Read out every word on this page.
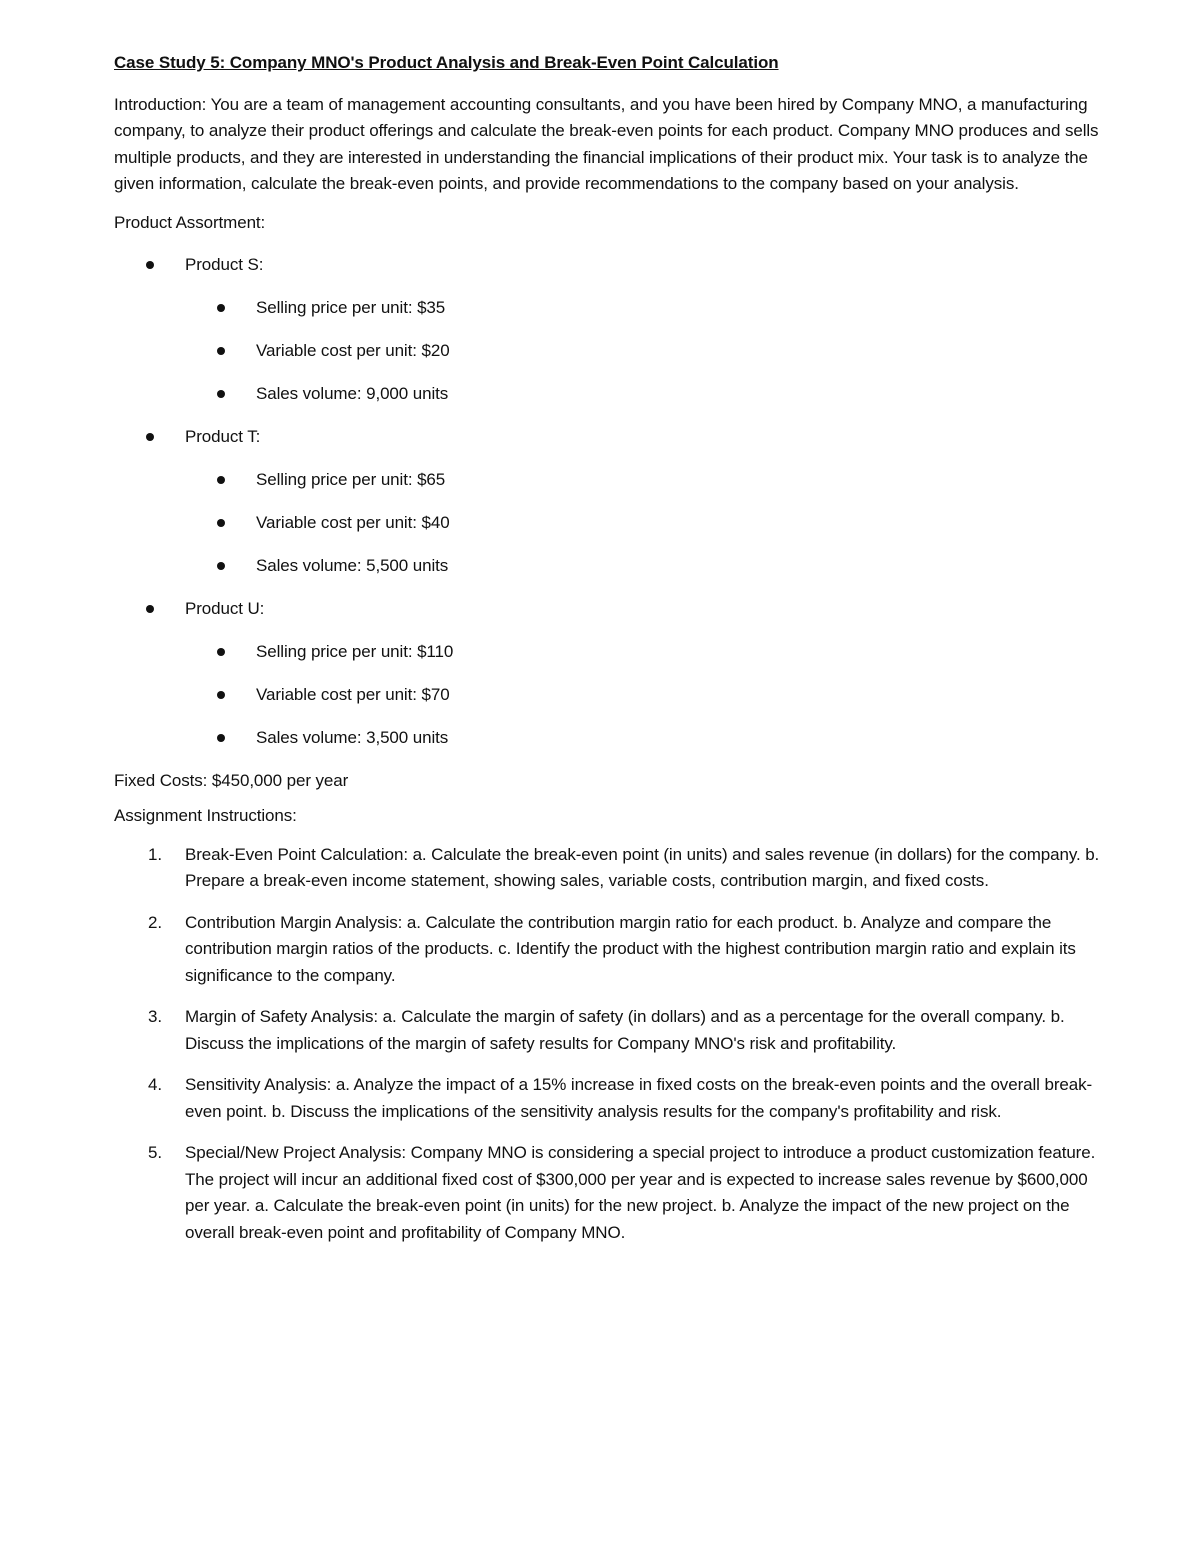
Case Study 5: Company MNO's Product Analysis and Break-Even Point Calculation
Introduction: You are a team of management accounting consultants, and you have been hired by Company MNO, a manufacturing company, to analyze their product offerings and calculate the break-even points for each product. Company MNO produces and sells multiple products, and they are interested in understanding the financial implications of their product mix. Your task is to analyze the given information, calculate the break-even points, and provide recommendations to the company based on your analysis.
Product Assortment:
Product S:
Selling price per unit: $35
Variable cost per unit: $20
Sales volume: 9,000 units
Product T:
Selling price per unit: $65
Variable cost per unit: $40
Sales volume: 5,500 units
Product U:
Selling price per unit: $110
Variable cost per unit: $70
Sales volume: 3,500 units
Fixed Costs: $450,000 per year
Assignment Instructions:
1. Break-Even Point Calculation: a. Calculate the break-even point (in units) and sales revenue (in dollars) for the company. b. Prepare a break-even income statement, showing sales, variable costs, contribution margin, and fixed costs.
2. Contribution Margin Analysis: a. Calculate the contribution margin ratio for each product. b. Analyze and compare the contribution margin ratios of the products. c. Identify the product with the highest contribution margin ratio and explain its significance to the company.
3. Margin of Safety Analysis: a. Calculate the margin of safety (in dollars) and as a percentage for the overall company. b. Discuss the implications of the margin of safety results for Company MNO's risk and profitability.
4. Sensitivity Analysis: a. Analyze the impact of a 15% increase in fixed costs on the break-even points and the overall break-even point. b. Discuss the implications of the sensitivity analysis results for the company's profitability and risk.
5. Special/New Project Analysis: Company MNO is considering a special project to introduce a product customization feature. The project will incur an additional fixed cost of $300,000 per year and is expected to increase sales revenue by $600,000 per year. a. Calculate the break-even point (in units) for the new project. b. Analyze the impact of the new project on the overall break-even point and profitability of Company MNO.
